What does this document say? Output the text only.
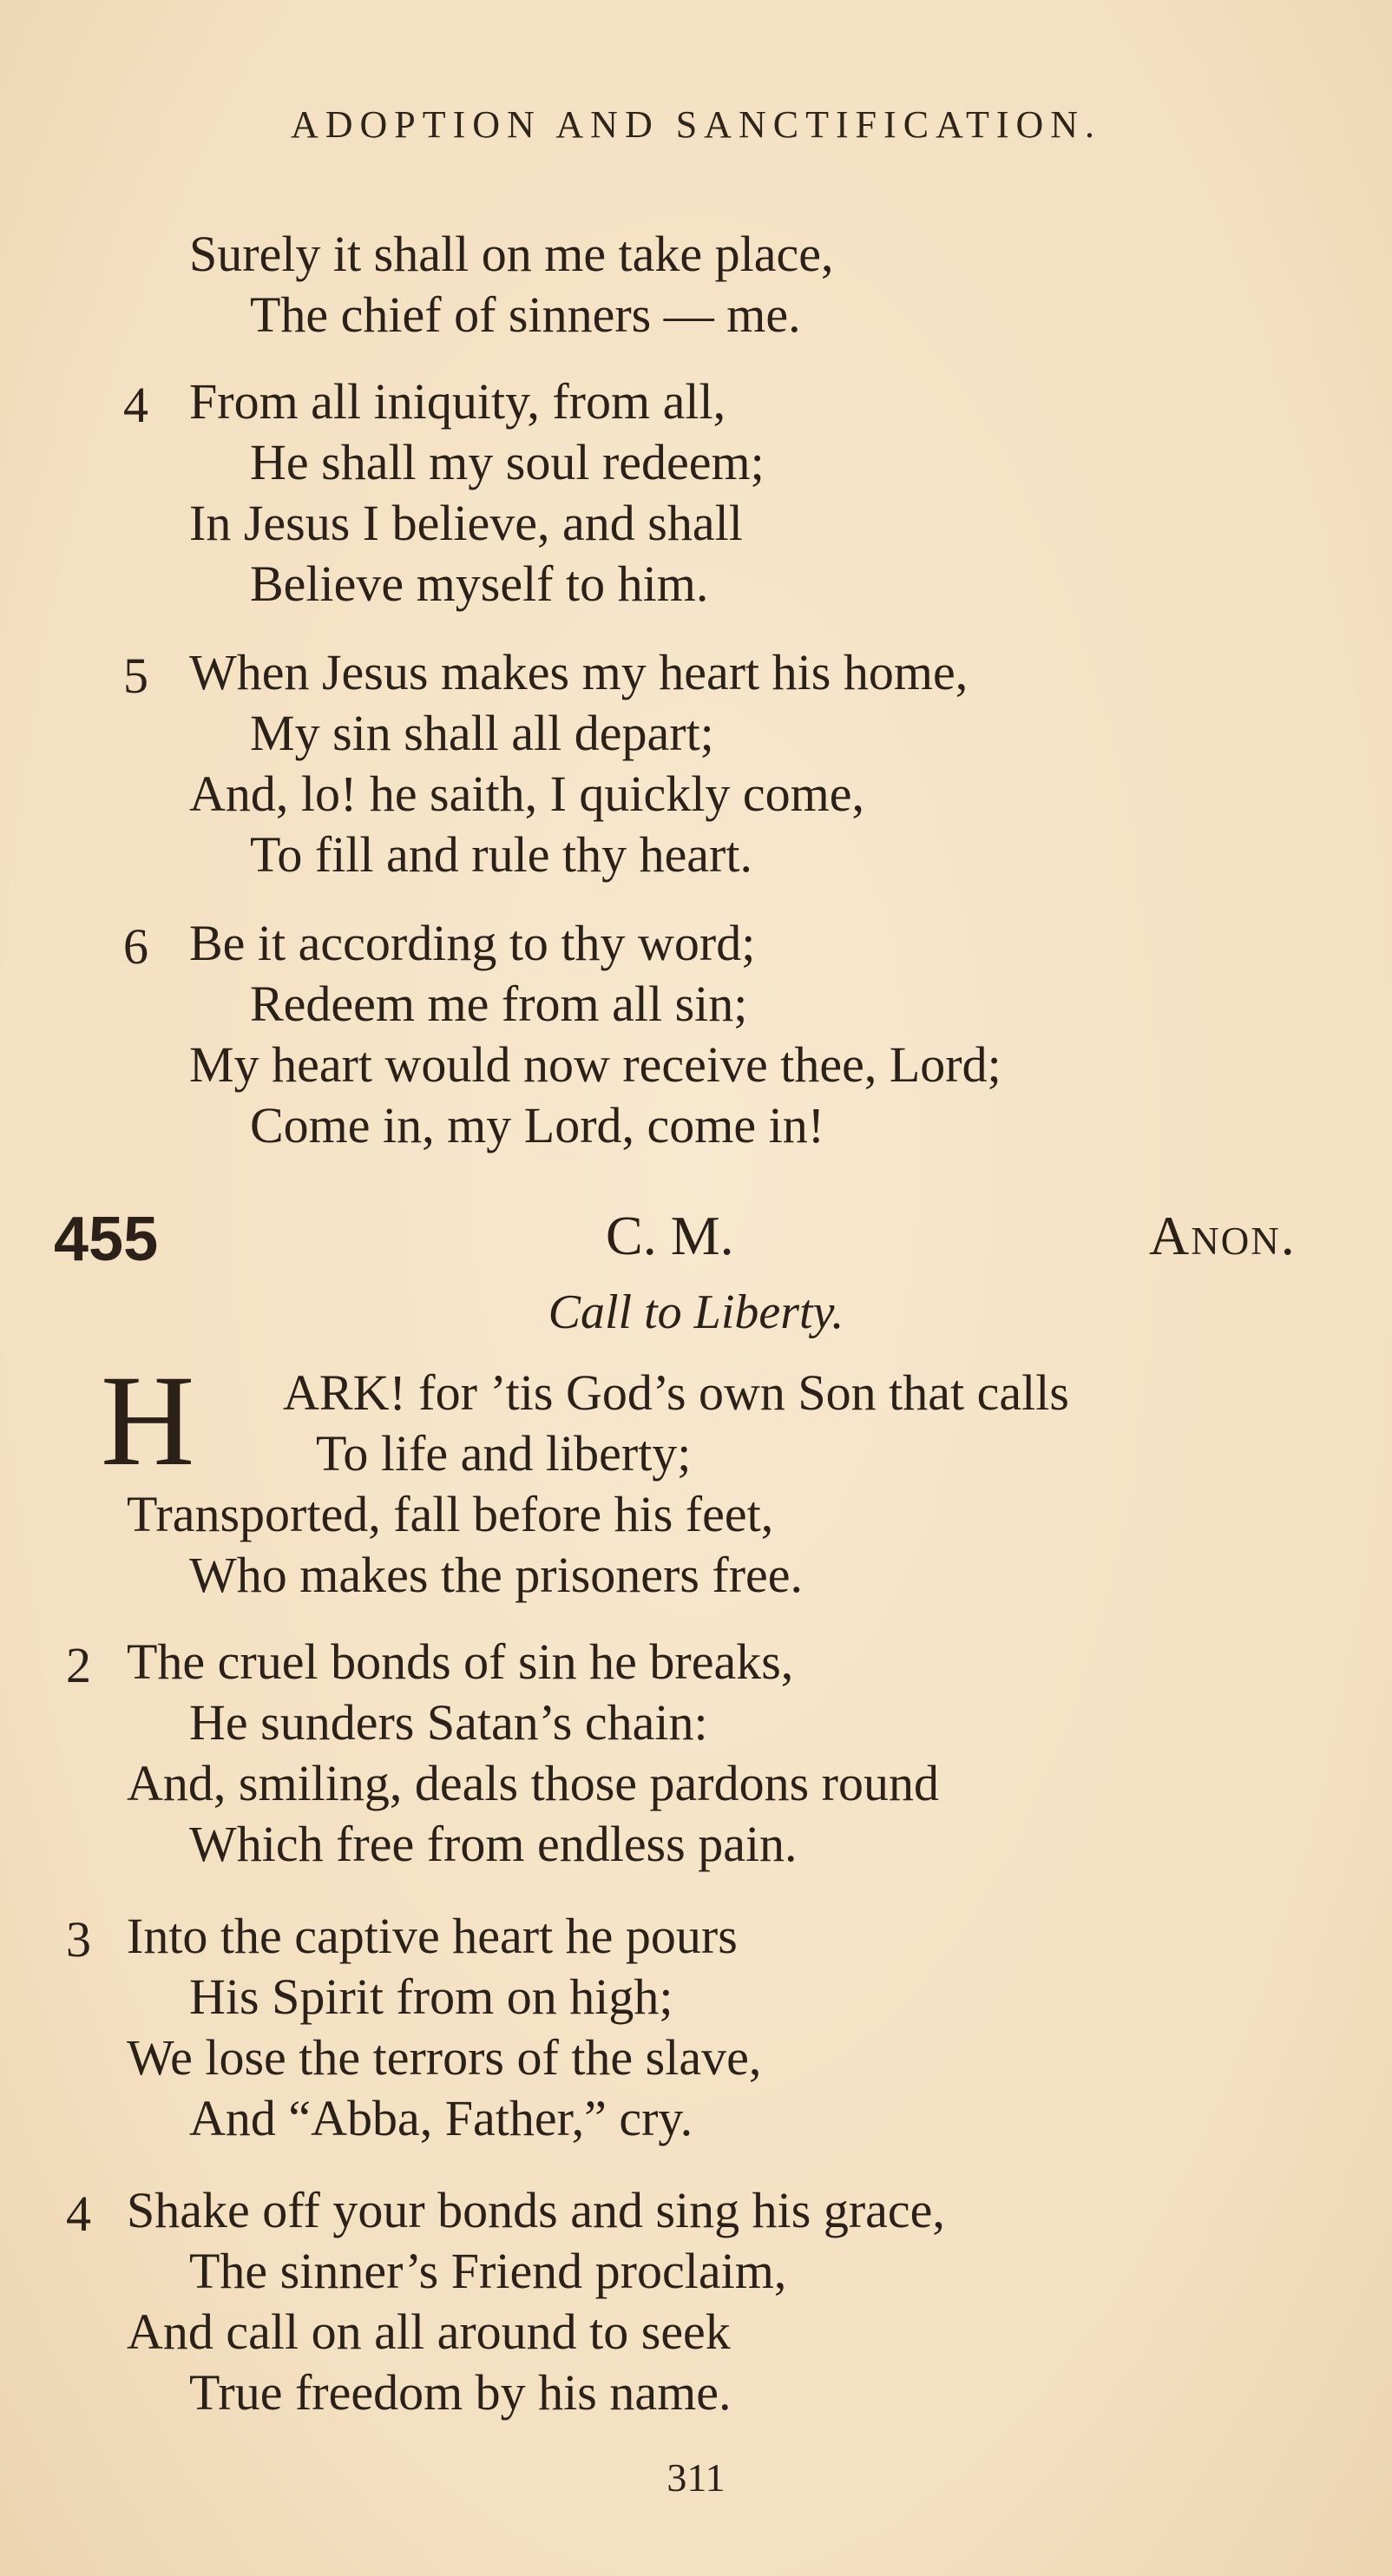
ADOPTION AND SANCTIFICATION.
Surely it shall on me take place,
The chief of sinners — me.
4 From all iniquity, from all,
He shall my soul redeem;
In Jesus I believe, and shall
Believe myself to him.
5 When Jesus makes my heart his home,
My sin shall all depart;
And, lo! he saith, I quickly come,
To fill and rule thy heart.
6 Be it according to thy word;
Redeem me from all sin;
My heart would now receive thee, Lord;
Come in, my Lord, come in!
455	C. M.	Anon.
Call to Liberty.
H ARK! for ’tis God’s own Son that calls
To life and liberty;
Transported, fall before his feet,
Who makes the prisoners free.
2 The cruel bonds of sin he breaks,
He sunders Satan’s chain:
And, smiling, deals those pardons round
Which free from endless pain.
3 Into the captive heart he pours
His Spirit from on high;
We lose the terrors of the slave,
And “Abba, Father,” cry.
4 Shake off your bonds and sing his grace,
The sinner’s Friend proclaim,
And call on all around to seek
True freedom by his name.
311
